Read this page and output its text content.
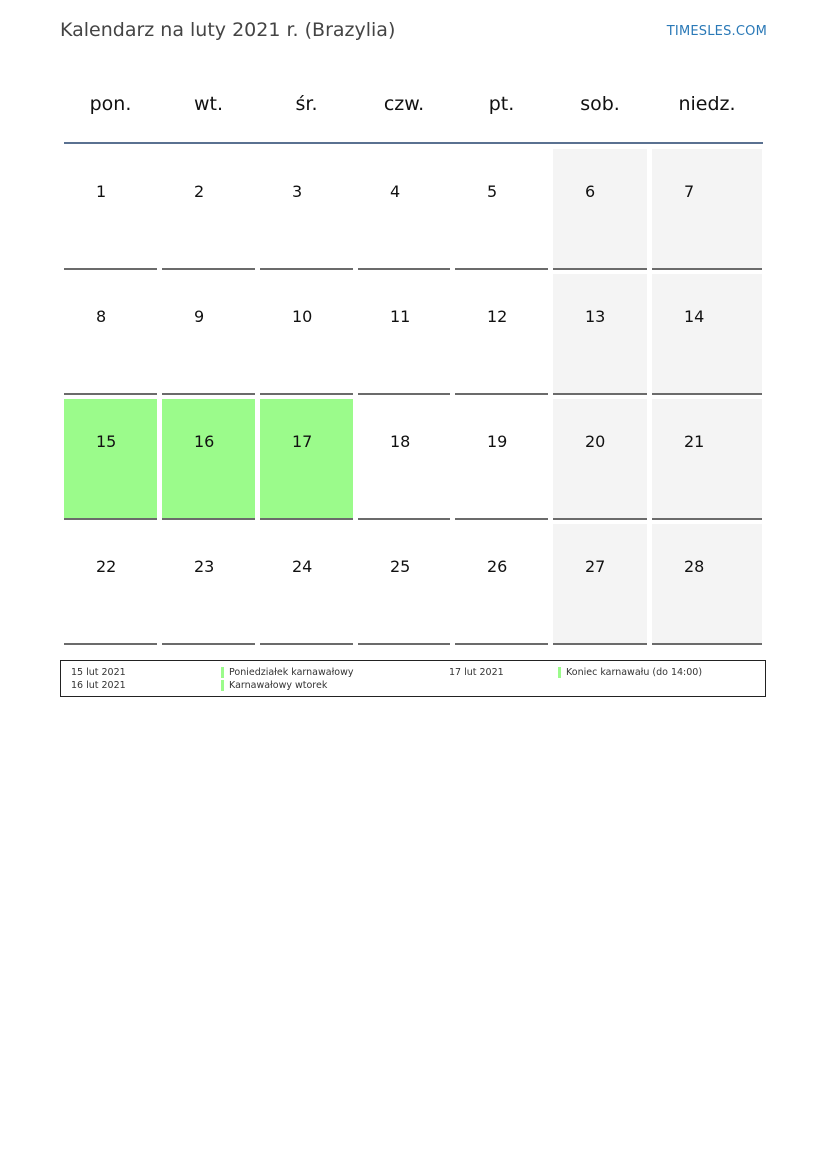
Kalendarz na luty 2021 r. (Brazylia)	TIMESLES.COM
pon.	wt.	śr.	czw.	pt.	sob.	niedz.
1	2	3	4	5	6	7
8	9	10	11	12	13	14
15	16	17	18	19	20	21
22	23	24	25	26	27	28
15 lut 2021	Poniedziałek karnawałowy
16 lut 2021	Karnawałowy wtorek
17 lut 2021	Koniec karnawału (do 14:00)
